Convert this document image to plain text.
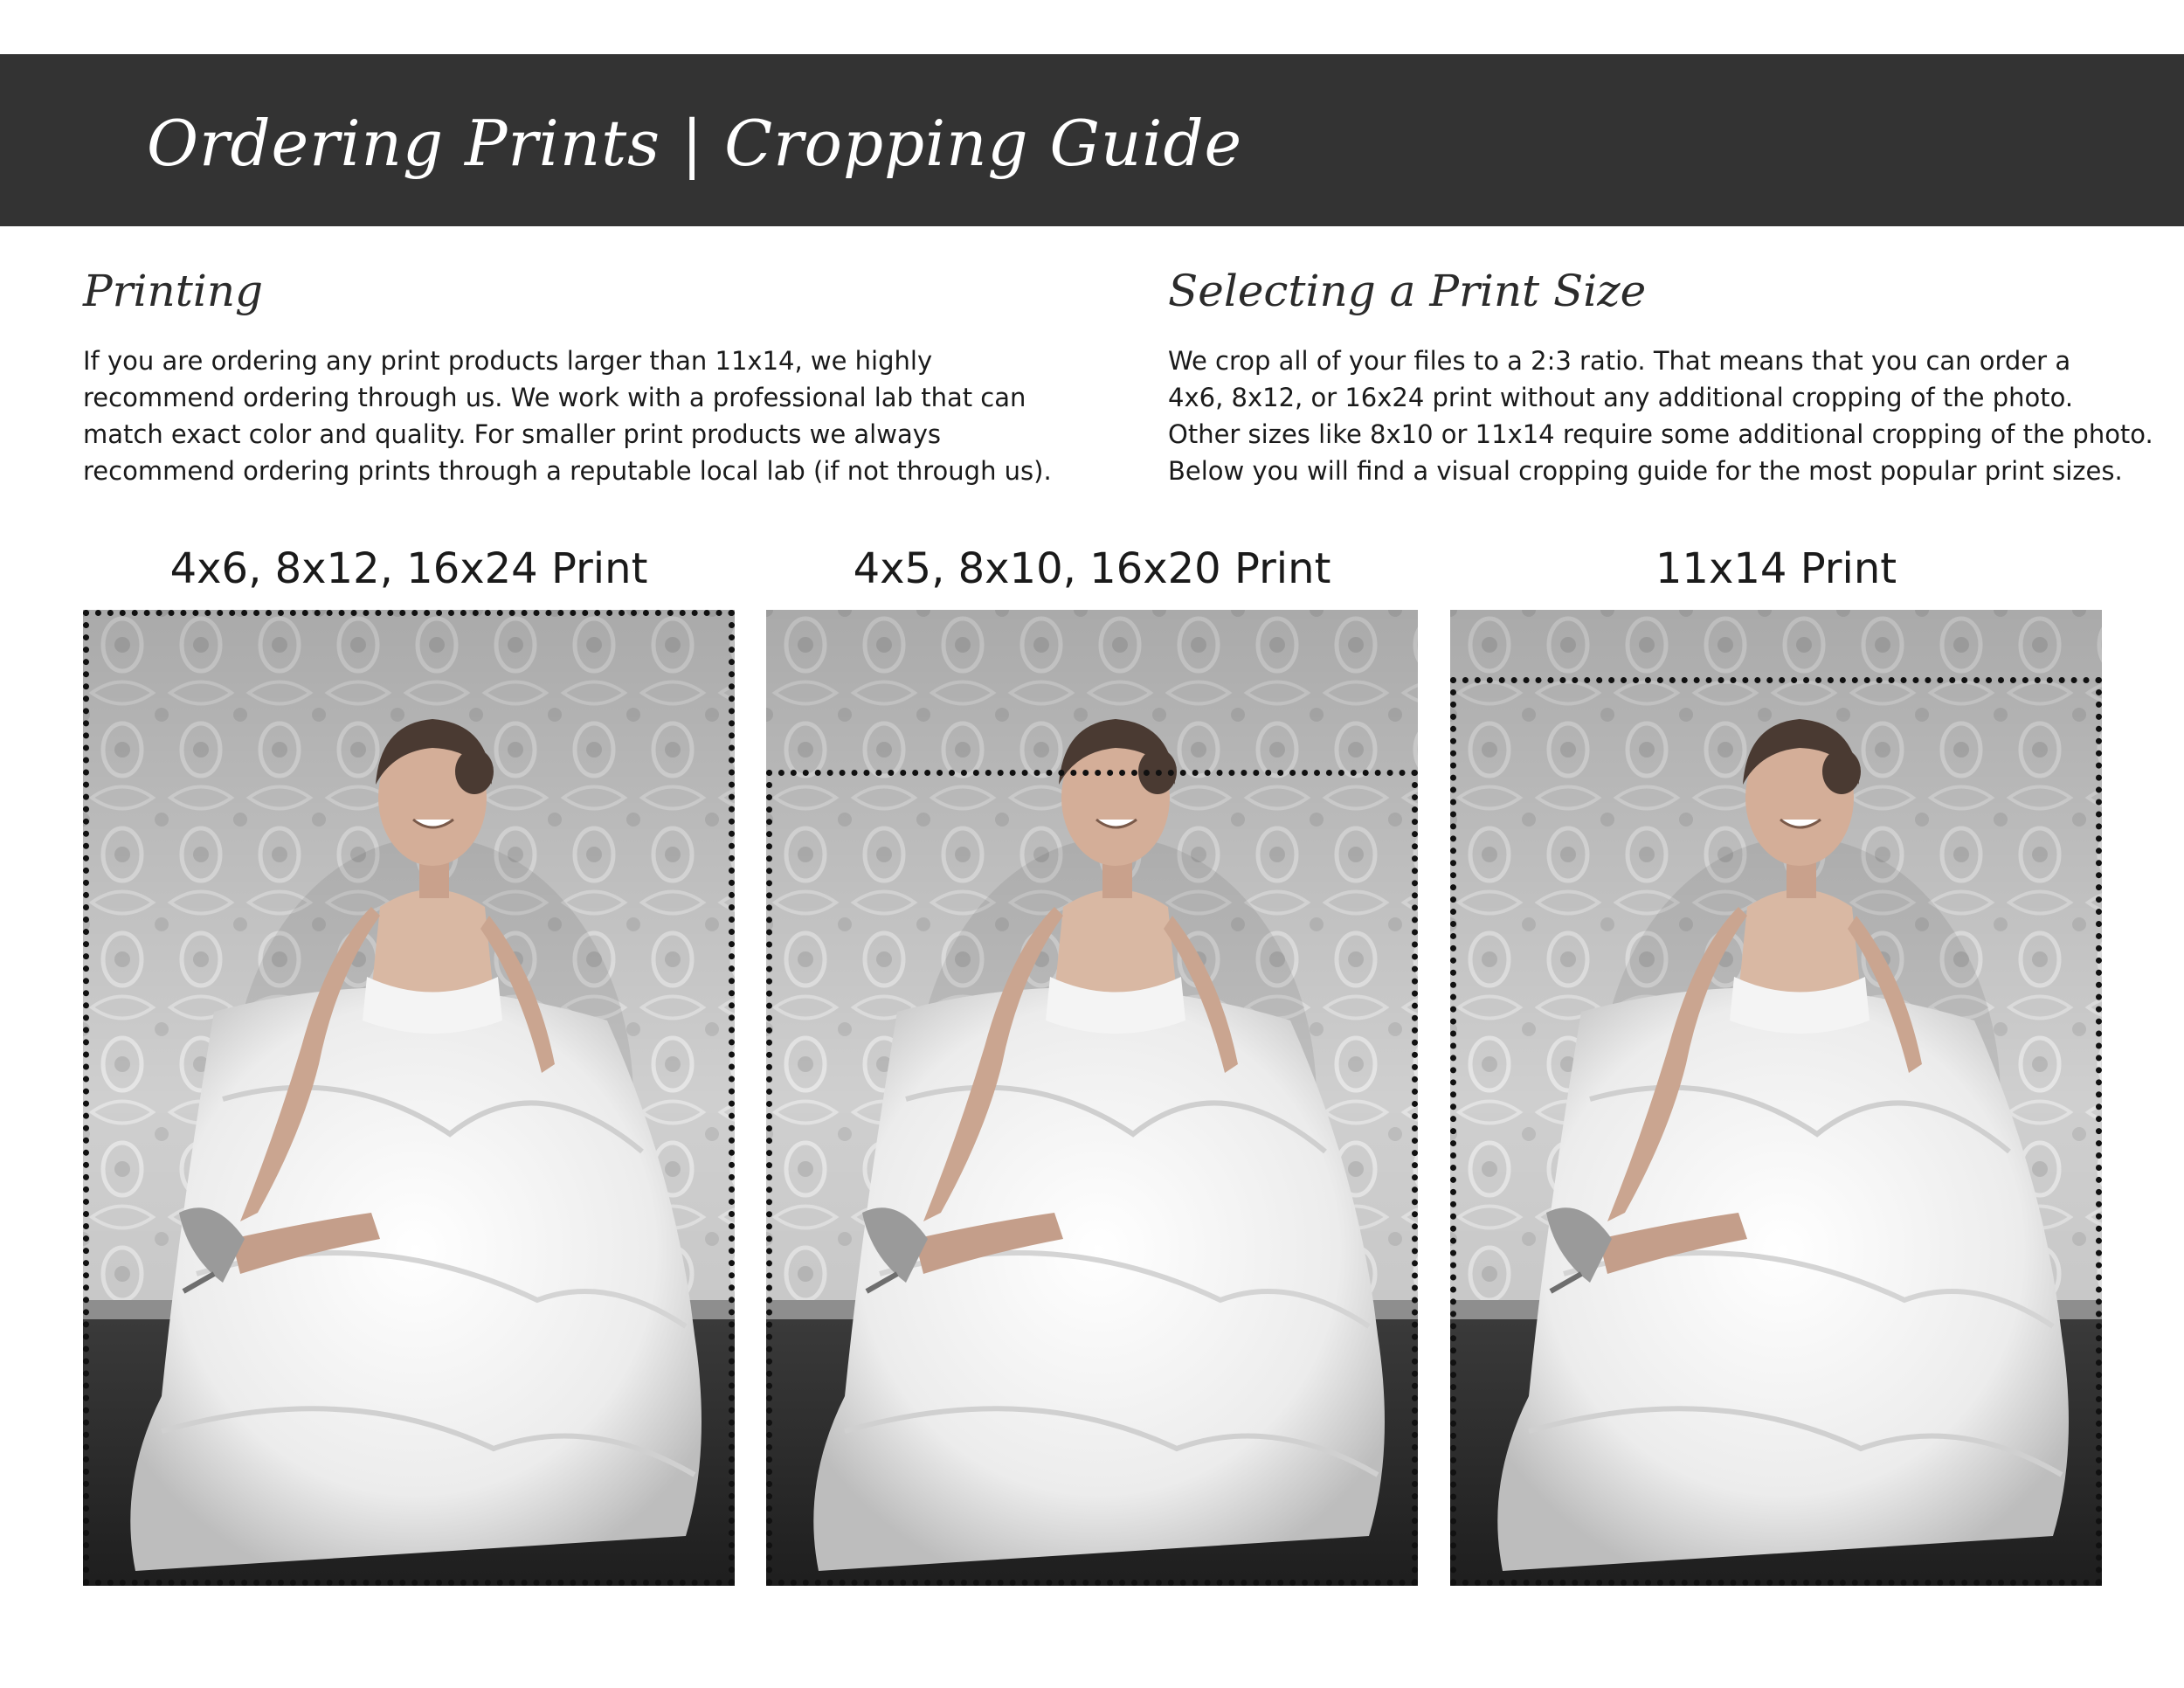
Ordering Prints | Cropping Guide
Printing

If you are ordering any print products larger than 11x14, we highly
recommend ordering through us. We work with a professional lab that can
match exact color and quality. For smaller print products we always
recommend ordering prints through a reputable local lab (if not through us).

Selecting a Print Size

We crop all of your files to a 2:3 ratio. That means that you can order a
4x6, 8x12, or 16x24 print without any additional cropping of the photo.
Other sizes like 8x10 or 11x14 require some additional cropping of the photo.
Below you will find a visual cropping guide for the most popular print sizes.

4x6, 8x12, 16x24 Print	4x5, 8x10, 16x20 Print	11x14 Print
